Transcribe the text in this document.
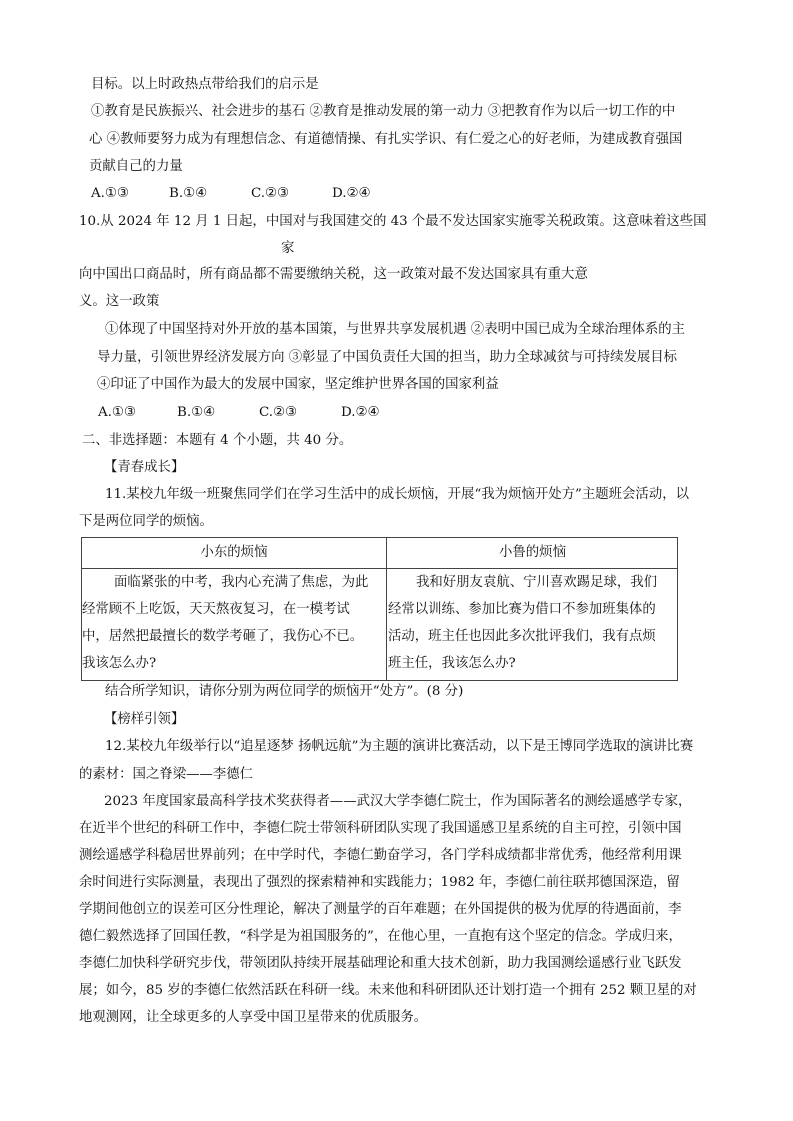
目标。以上时政热点带给我们的启示是
①教育是民族振兴、社会进步的基石 ②教育是推动发展的第一动力 ③把教育作为以后一切工作的中
心 ④教师要努力成为有理想信念、有道德情操、有扎实学识、有仁爱之心的好老师，为建成教育强国
贡献自己的力量
A.①③	B.①④	C.②③	D.②④
10.从 2024 年 12 月 1 日起，中国对与我国建交的 43 个最不发达国家实施零关税政策。这意味着这些国
家
向中国出口商品时，所有商品都不需要缴纳关税，这一政策对最不发达国家具有重大意
义。这一政策
①体现了中国坚持对外开放的基本国策，与世界共享发展机遇 ②表明中国已成为全球治理体系的主
导力量，引领世界经济发展方向 ③彰显了中国负责任大国的担当，助力全球减贫与可持续发展目标
④印证了中国作为最大的发展中国家，坚定维护世界各国的国家利益
A.①③	B.①④	C.②③	D.②④
二、非选择题：本题有 4 个小题，共 40 分。
【青春成长】
11.某校九年级一班聚焦同学们在学习生活中的成长烦恼，开展“我为烦恼开处方”主题班会活动，以
下是两位同学的烦恼。
小东的烦恼	小鲁的烦恼
面临紧张的中考，我内心充满了焦虑，为此
经常顾不上吃饭，天天熬夜复习，在一模考试
中，居然把最擅长的数学考砸了，我伤心不已。
我该怎么办?
我和好朋友袁航、宁川喜欢踢足球，我们
经常以训练、参加比赛为借口不参加班集体的
活动，班主任也因此多次批评我们，我有点烦
班主任，我该怎么办?
结合所学知识，请你分别为两位同学的烦恼开“处方”。(8 分)
【榜样引领】
12.某校九年级举行以“追星逐梦 扬帆远航”为主题的演讲比赛活动，以下是王博同学选取的演讲比赛
的素材：国之脊梁——李德仁
2023 年度国家最高科学技术奖获得者——武汉大学李德仁院士，作为国际著名的测绘遥感学专家，
在近半个世纪的科研工作中，李德仁院士带领科研团队实现了我国遥感卫星系统的自主可控，引领中国
测绘遥感学科稳居世界前列；在中学时代，李德仁勤奋学习，各门学科成绩都非常优秀，他经常利用课
余时间进行实际测量，表现出了强烈的探索精神和实践能力；1982 年，李德仁前往联邦德国深造，留
学期间他创立的误差可区分性理论，解决了测量学的百年难题；在外国提供的极为优厚的待遇面前，李
德仁毅然选择了回国任教，“科学是为祖国服务的”，在他心里，一直抱有这个坚定的信念。学成归来，
李德仁加快科学研究步伐，带领团队持续开展基础理论和重大技术创新，助力我国测绘遥感行业飞跃发
展；如今，85 岁的李德仁依然活跃在科研一线。未来他和科研团队还计划打造一个拥有 252 颗卫星的对
地观测网，让全球更多的人享受中国卫星带来的优质服务。
